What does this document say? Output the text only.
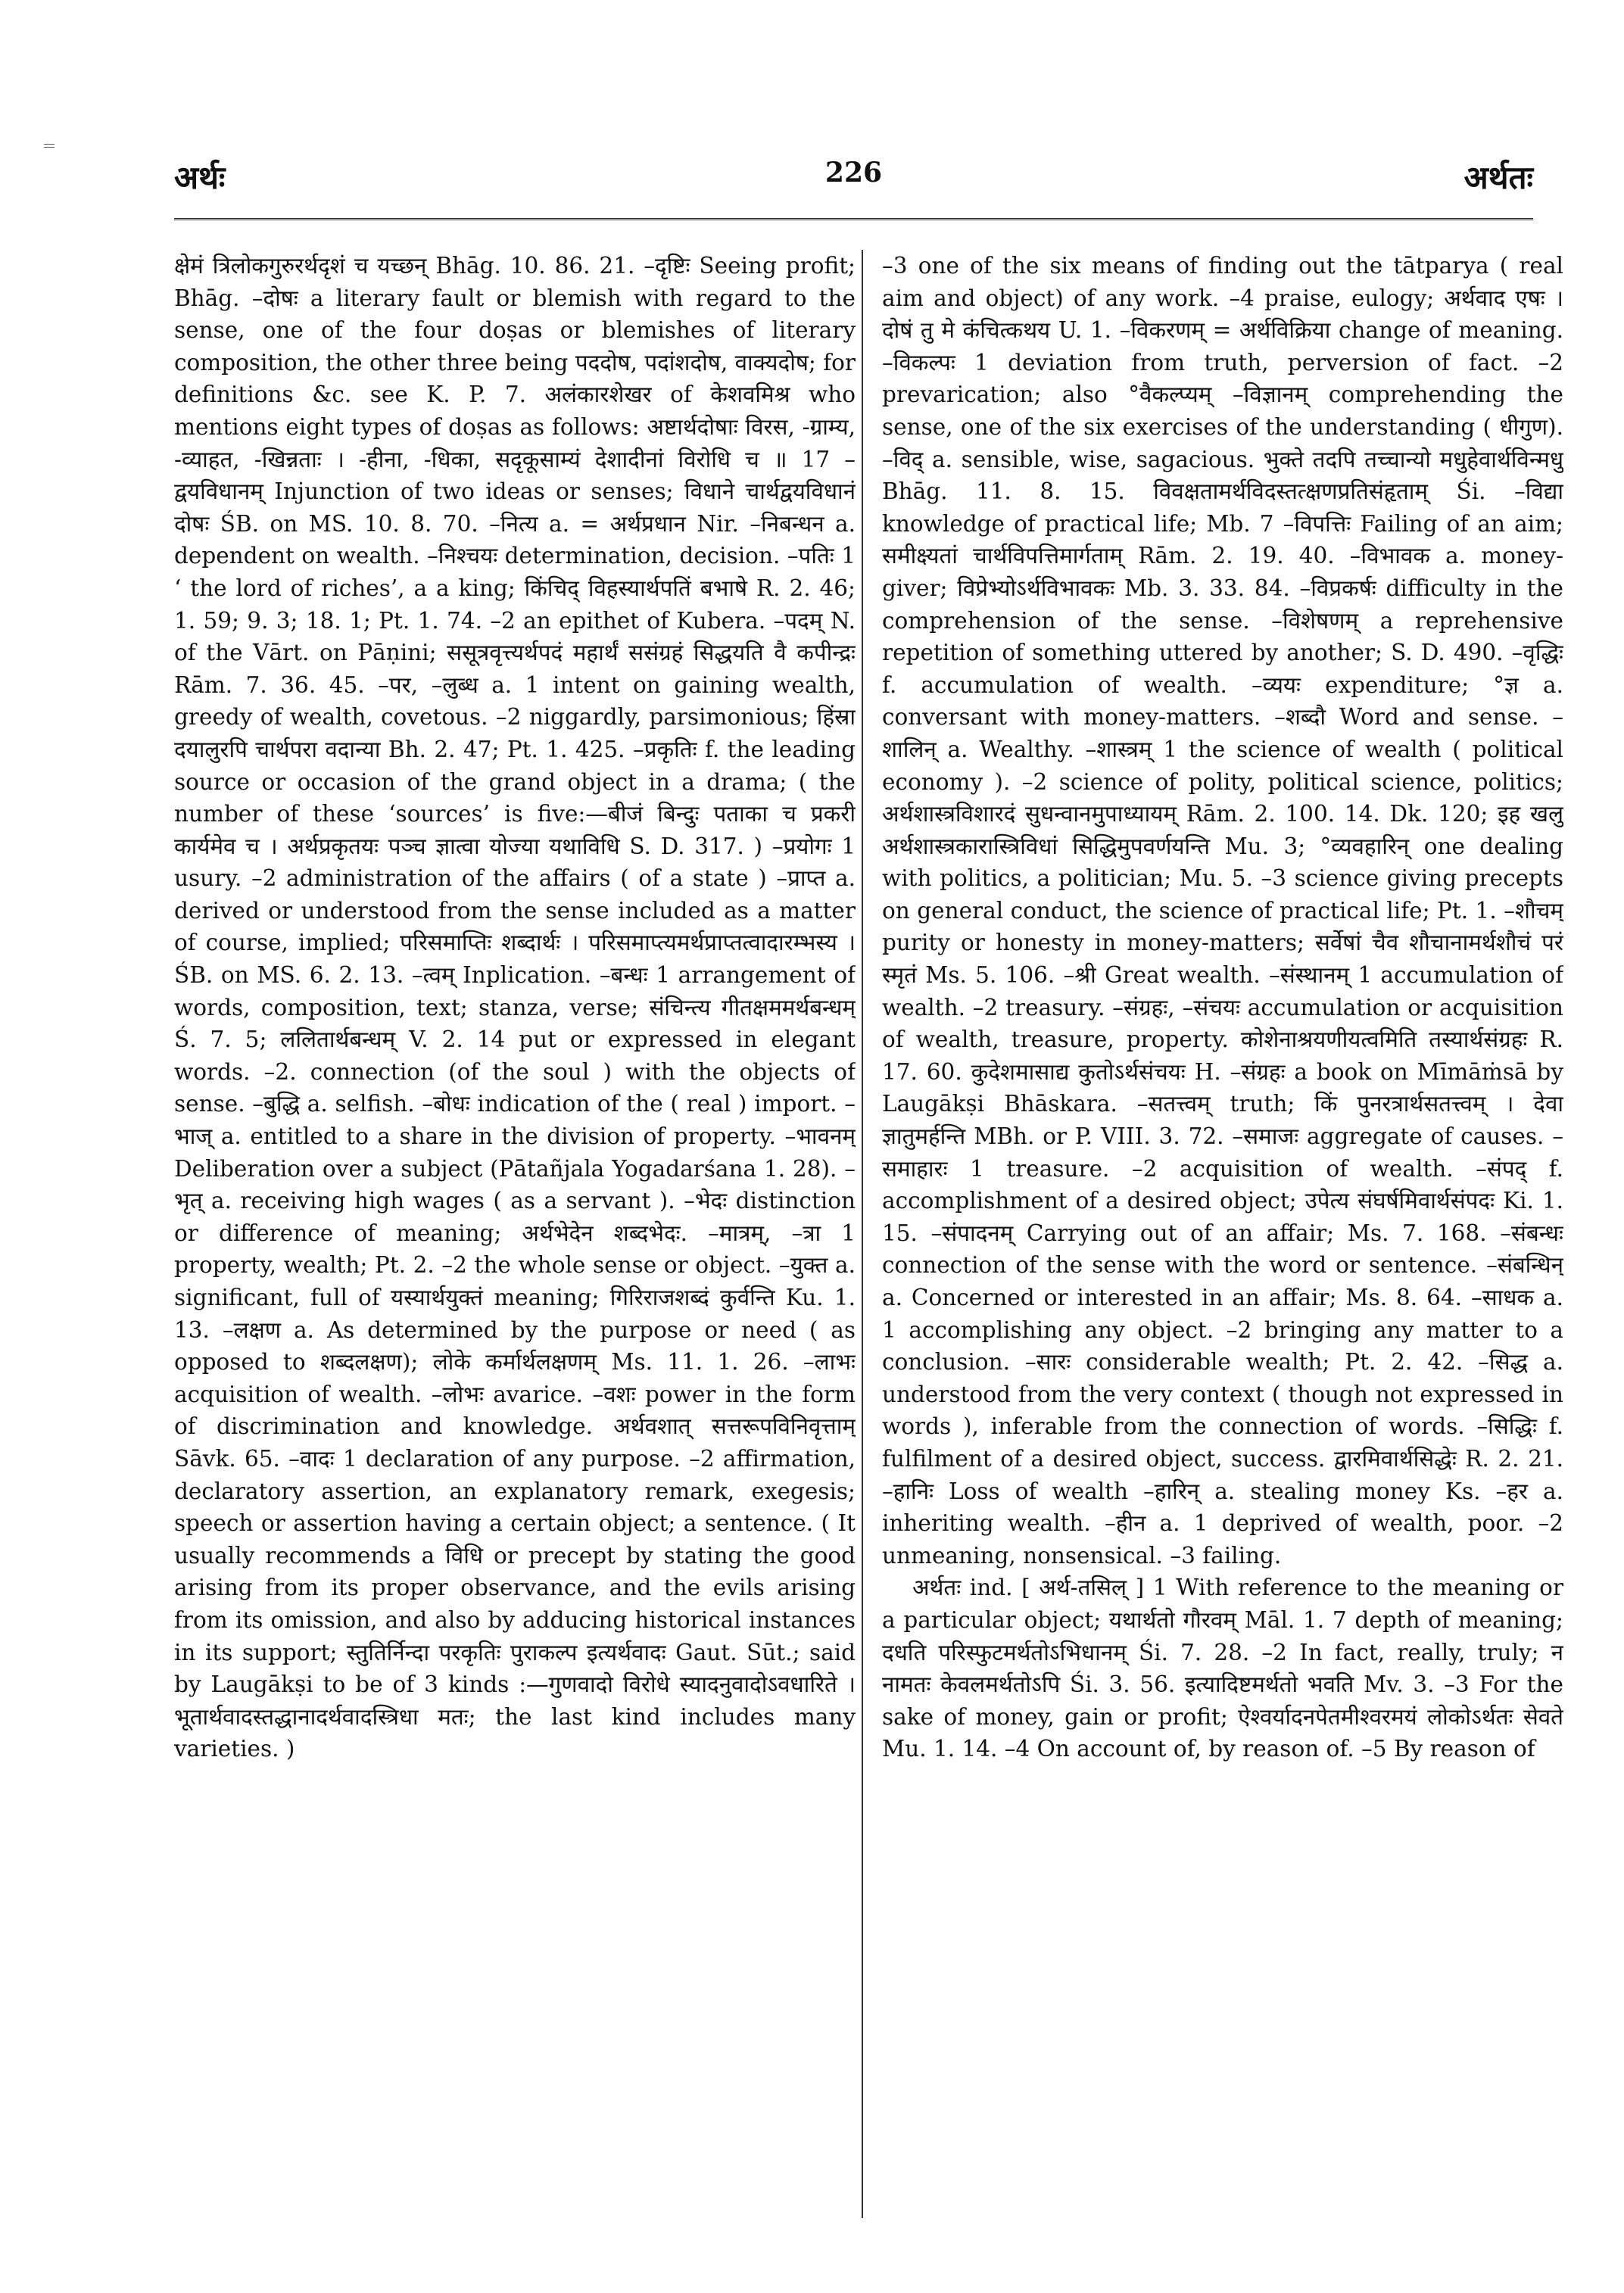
अर्थः	226	अर्थतः
क्षेमं त्रिलोकगुरुरर्थदृशं च यच्छन् Bhāg. 10. 86. 21. –दृष्टिः Seeing profit; Bhāg. –दोषः a literary fault or blemish with regard to the sense, one of the four doṣas or blemishes of literary composition, the other three being पददोष, पदांशदोष, वाक्यदोष; for definitions &c. see K. P. 7. अलंकारशेखर of केशवमिश्र who mentions eight types of doṣas as follows: अष्टार्थदोषाः विरस, -ग्राम्य, -व्याहत, -खिन्नताः । -हीना, -धिका, सदृकूसाम्यं देशादीनां विरोधि च ॥ 17 –द्वयविधानम् Injunction of two ideas or senses; विधाने चार्थद्वयविधानं दोषः ŚB. on MS. 10. 8. 70. –नित्य a. = अर्थप्रधान Nir. –निबन्धन a. dependent on wealth. –निश्चयः determination, decision. –पतिः 1 ‘ the lord of riches’, a a king; किंचिद् विहस्यार्थपतिं बभाषे R. 2. 46; 1. 59; 9. 3; 18. 1; Pt. 1. 74. –2 an epithet of Kubera. –पदम् N. of the Vārt. on Pāṇini; ससूत्रवृत्त्यर्थपदं महार्थं ससंग्रहं सिद्धयति वै कपीन्द्रः Rām. 7. 36. 45. –पर, –लुब्ध a. 1 intent on gaining wealth, greedy of wealth, covetous. –2 niggardly, parsimonious; हिंस्रा दयालुरपि चार्थपरा वदान्या Bh. 2. 47; Pt. 1. 425. –प्रकृतिः f. the leading source or occasion of the grand object in a drama; ( the number of these ‘sources’ is five:—बीजं बिन्दुः पताका च प्रकरी कार्यमेव च । अर्थप्रकृतयः पञ्च ज्ञात्वा योज्या यथाविधि S. D. 317. ) –प्रयोगः 1 usury. –2 administration of the affairs ( of a state ) –प्राप्त a. derived or understood from the sense included as a matter of course, implied; परिसमाप्तिः शब्दार्थः । परिसमाप्त्यमर्थप्राप्तत्वादारम्भस्य । ŚB. on MS. 6. 2. 13. –त्वम् Inplication. –बन्धः 1 arrangement of words, composition, text; stanza, verse; संचिन्त्य गीतक्षममर्थबन्धम् Ś. 7. 5; ललितार्थबन्धम् V. 2. 14 put or expressed in elegant words. –2. connection (of the soul ) with the objects of sense. –बुद्धि a. selfish. –बोधः indication of the ( real ) import. –भाज् a. entitled to a share in the division of property. –भावनम् Deliberation over a subject (Pātañjala Yogadarśana 1. 28). –भृत् a. receiving high wages ( as a servant ). –भेदः distinction or difference of meaning; अर्थभेदेन शब्दभेदः. –मात्रम्, –त्रा 1 property, wealth; Pt. 2. –2 the whole sense or object. –युक्त a. significant, full of यस्यार्थयुक्तं meaning; गिरिराजशब्दं कुर्वन्ति Ku. 1. 13. –लक्षण a. As determined by the purpose or need ( as opposed to शब्दलक्षण); लोके कर्मार्थलक्षणम् Ms. 11. 1. 26. –लाभः acquisition of wealth. –लोभः avarice. –वशः power in the form of discrimination and knowledge. अर्थवशात् सत्तरूपविनिवृत्ताम् Sāvk. 65. –वादः 1 declaration of any purpose. –2 affirmation, declaratory assertion, an explanatory remark, exegesis; speech or assertion having a certain object; a sentence. ( It usually recommends a विधि or precept by stating the good arising from its proper observance, and the evils arising from its omission, and also by adducing historical instances in its support; स्तुतिर्निन्दा परकृतिः पुराकल्प इत्यर्थवादः Gaut. Sūt.; said by Laugākṣi to be of 3 kinds :—गुणवादो विरोधे स्यादनुवादोऽवधारिते । भूतार्थवादस्तद्धानादर्थवादस्त्रिधा मतः; the last kind includes many varieties. )
–3 one of the six means of finding out the tātparya ( real aim and object) of any work. –4 praise, eulogy; अर्थवाद एषः । दोषं तु मे कंचित्कथय U. 1. –विकरणम् = अर्थविक्रिया change of meaning. –विकल्पः 1 deviation from truth, perversion of fact. –2 prevarication; also °वैकल्प्यम् –विज्ञानम् comprehending the sense, one of the six exercises of the understanding ( धीगुण). –विद् a. sensible, wise, sagacious. भुक्ते तदपि तच्चान्यो मधुहेवार्थविन्मधु Bhāg. 11. 8. 15. विवक्षतामर्थविदस्तत्क्षणप्रतिसंहृताम् Śi. –विद्या knowledge of practical life; Mb. 7 –विपत्तिः Failing of an aim; समीक्ष्यतां चार्थविपत्तिमार्गताम् Rām. 2. 19. 40. –विभावक a. money-giver; विप्रेभ्योऽर्थविभावकः Mb. 3. 33. 84. –विप्रकर्षः difficulty in the comprehension of the sense. –विशेषणम् a reprehensive repetition of something uttered by another; S. D. 490. –वृद्धिः f. accumulation of wealth. –व्ययः expenditure; °ज्ञ a. conversant with money-matters. –शब्दौ Word and sense. –शालिन् a. Wealthy. –शास्त्रम् 1 the science of wealth ( political economy ). –2 science of polity, political science, politics; अर्थशास्त्रविशारदं सुधन्वानमुपाध्यायम् Rām. 2. 100. 14. Dk. 120; इह खलु अर्थशास्त्रकारास्त्रिविधां सिद्धिमुपवर्णयन्ति Mu. 3; °व्यवहारिन् one dealing with politics, a politician; Mu. 5. –3 science giving precepts on general conduct, the science of practical life; Pt. 1. –शौचम् purity or honesty in money-matters; सर्वेषां चैव शौचानामर्थशौचं परं स्मृतं Ms. 5. 106. –श्री Great wealth. –संस्थानम् 1 accumulation of wealth. –2 treasury. –संग्रहः, –संचयः accumulation or acquisition of wealth, treasure, property. कोशेनाश्रयणीयत्वमिति तस्यार्थसंग्रहः R. 17. 60. कुदेशमासाद्य कुतोऽर्थसंचयः H. –संग्रहः a book on Mīmāṁsā by Laugākṣi Bhāskara. –सतत्त्वम् truth; किं पुनरत्रार्थसतत्त्वम् । देवा ज्ञातुमर्हन्ति MBh. or P. VIII. 3. 72. –समाजः aggregate of causes. –समाहारः 1 treasure. –2 acquisition of wealth. –संपद् f. accomplishment of a desired object; उपेत्य संघर्षमिवार्थसंपदः Ki. 1. 15. –संपादनम् Carrying out of an affair; Ms. 7. 168. –संबन्धः connection of the sense with the word or sentence. –संबन्धिन् a. Concerned or interested in an affair; Ms. 8. 64. –साधक a. 1 accomplishing any object. –2 bringing any matter to a conclusion. –सारः considerable wealth; Pt. 2. 42. –सिद्ध a. understood from the very context ( though not expressed in words ), inferable from the connection of words. –सिद्धिः f. fulfilment of a desired object, success. द्वारमिवार्थसिद्धेः R. 2. 21. –हानिः Loss of wealth –हारिन् a. stealing money Ks. –हर a. inheriting wealth. –हीन a. 1 deprived of wealth, poor. –2 unmeaning, nonsensical. –3 failing.
अर्थतः ind. [ अर्थ-तसिल् ] 1 With reference to the meaning or a particular object; यथार्थतो गौरवम् Māl. 1. 7 depth of meaning; दधति परिस्फुटमर्थतोऽभिधानम् Śi. 7. 28. –2 In fact, really, truly; न नामतः केवलमर्थतोऽपि Śi. 3. 56. इत्यादिष्टमर्थतो भवति Mv. 3. –3 For the sake of money, gain or profit; ऐश्वर्यादनपेतमीश्वरमयं लोकोऽर्थतः सेवते Mu. 1. 14. –4 On account of, by reason of. –5 By reason of
